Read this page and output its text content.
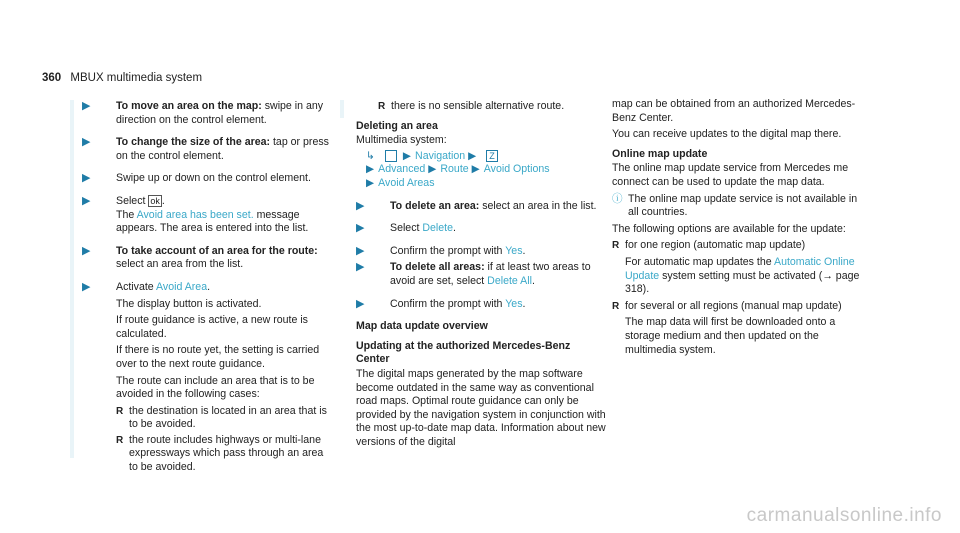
360 MBUX multimedia system
▶ To move an area on the map: swipe in any direction on the control element.
▶ To change the size of the area: tap or press on the control element.
▶ Swipe up or down on the control element.
▶ Select ok .
The Avoid area has been set. message appears. The area is entered into the list.
▶ To take account of an area for the route: select an area from the list.
▶ Activate Avoid Area.
The display button is activated.
If route guidance is active, a new route is calculated.
If there is no route yet, the setting is carried over to the next route guidance.
The route can include an area that is to be avoided in the following cases:
R the destination is located in an area that is to be avoided.
R the route includes highways or multi-lane expressways which pass through an area to be avoided.
R there is no sensible alternative route.
Deleting an area
Multimedia system:
↳	▶ Navigation ▶ Z
▶ Advanced ▶ Route ▶ Avoid Options
▶ Avoid Areas
▶ To delete an area: select an area in the list.
▶ Select Delete.
▶ Confirm the prompt with Yes.
▶ To delete all areas: if at least two areas to avoid are set, select Delete All.
▶ Confirm the prompt with Yes.
Map data update overview
Updating at the authorized Mercedes-Benz Center
The digital maps generated by the map software become outdated in the same way as conventional road maps. Optimal route guidance can only be provided by the navigation system in conjunction with the most up-to-date map data. Information about new versions of the digital
map can be obtained from an authorized Mercedes-Benz Center.
You can receive updates to the digital map there.
Online map update
The online map update service from Mercedes me connect can be used to update the map data.
ⓘ The online map update service is not available in all countries.
The following options are available for the update:
R for one region (automatic map update)
For automatic map updates the Automatic Online Update system setting must be activated (→ page 318).
R for several or all regions (manual map update)
The map data will first be downloaded onto a storage medium and then updated on the multimedia system.
carmanualsonline.info
